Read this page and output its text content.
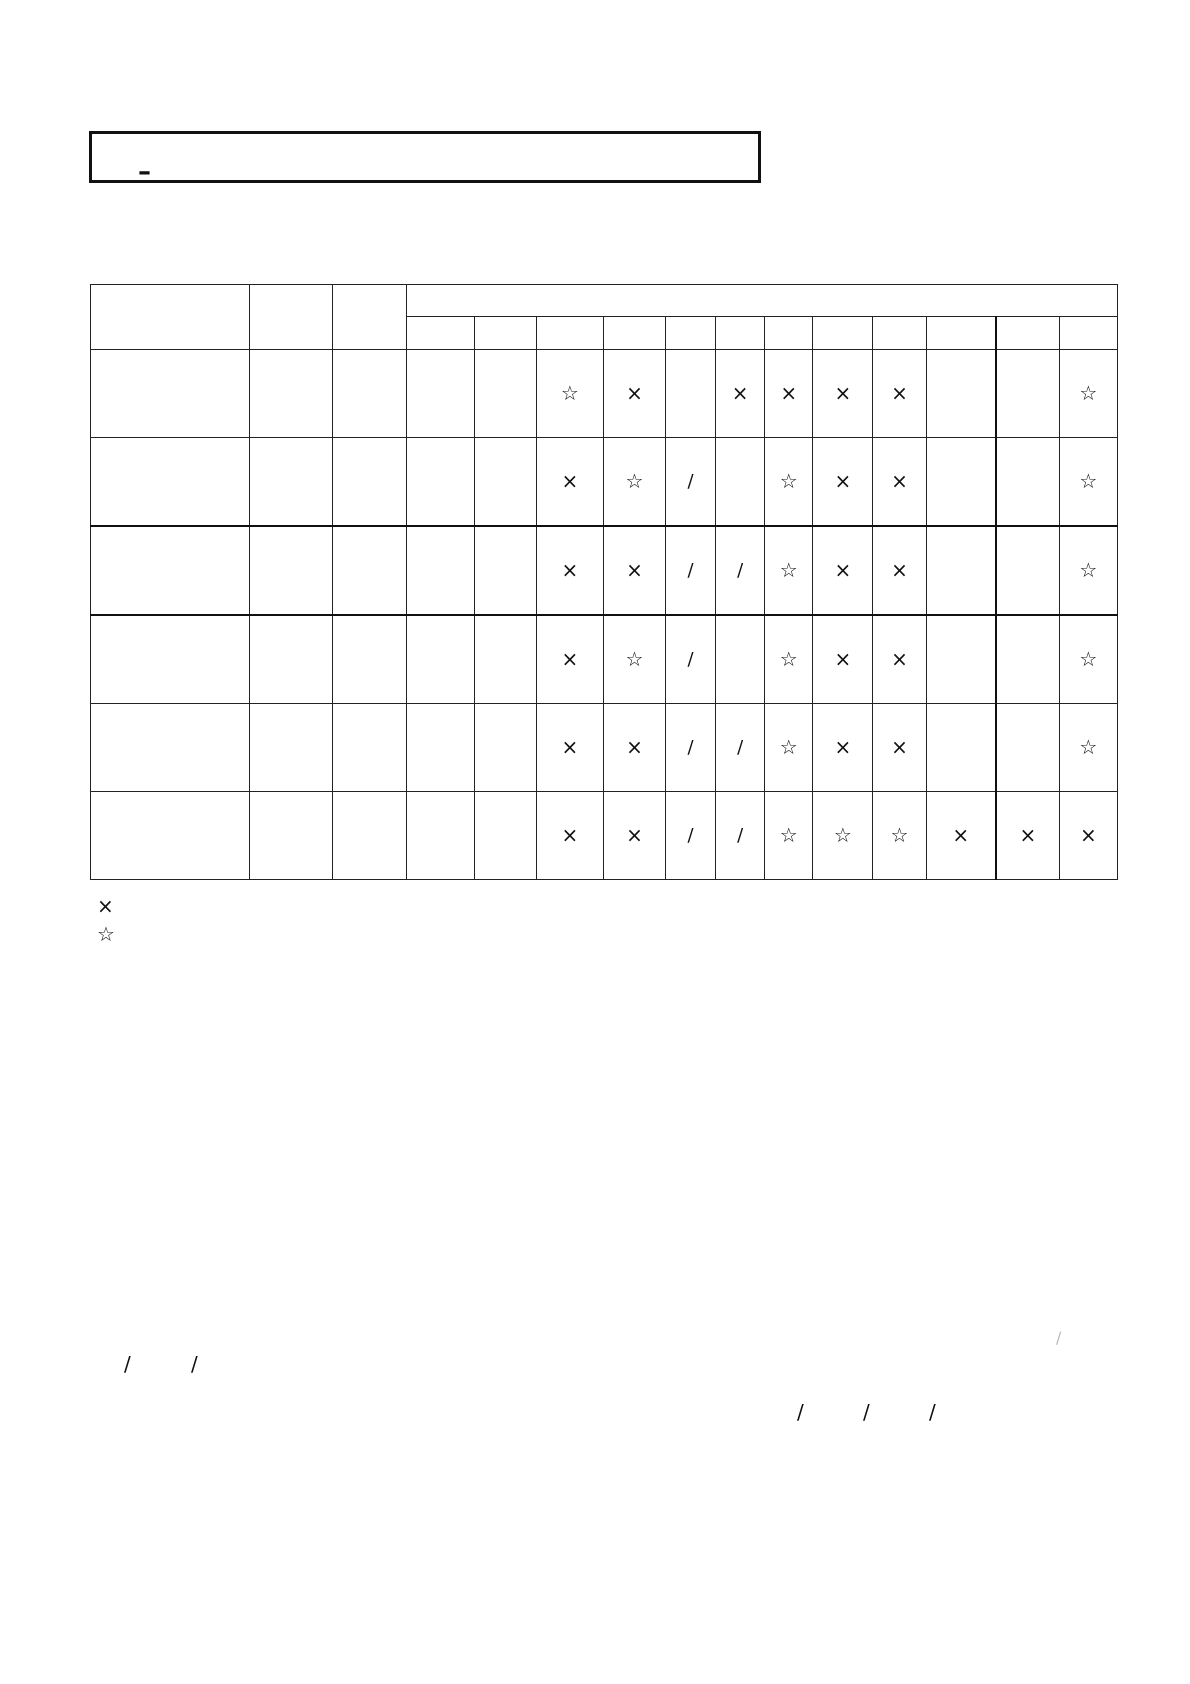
–

					☆	×		×	×	×	×			☆
					×	☆	/		☆	×	×			☆
					×	×	/	/	☆	×	×			☆
					×	☆	/		☆	×	×			☆
					×	×	/	/	☆	×	×			☆
					×	×	/	/	☆	☆	☆	×	×	×
×
☆
/
/	/
/	/	/
